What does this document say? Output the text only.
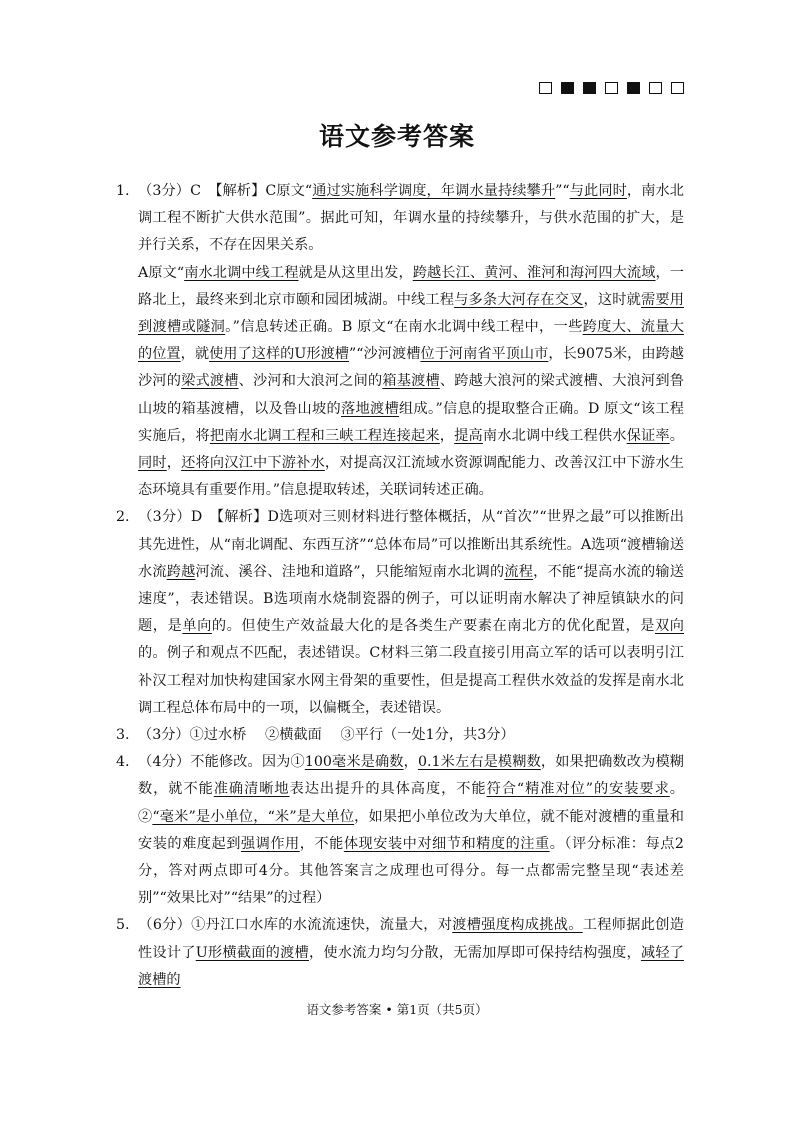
语文参考答案

1. （3分）C　【解析】C原文“通过实施科学调度，年调水量持续攀升”“与此同时，南水北调工程不断扩大供水范围”。据此可知，年调水量的持续攀升，与供水范围的扩大，是并行关系，不存在因果关系。

A原文“南水北调中线工程就是从这里出发，跨越长江、黄河、淮河和海河四大流域，一路北上，最终来到北京市颐和园团城湖。中线工程与多条大河存在交叉，这时就需要用到渡槽或隧洞。”信息转述正确。B 原文“在南水北调中线工程中，一些跨度大、流量大的位置，就使用了这样的U形渡槽”“沙河渡槽位于河南省平顶山市，长9075米，由跨越沙河的梁式渡槽、沙河和大浪河之间的箱基渡槽、跨越大浪河的梁式渡槽、大浪河到鲁山坡的箱基渡槽，以及鲁山坡的落地渡槽组成。”信息的提取整合正确。D 原文“该工程实施后，将把南水北调工程和三峡工程连接起来，提高南水北调中线工程供水保证率。同时，还将向汉江中下游补水，对提高汉江流域水资源调配能力、改善汉江中下游水生态环境具有重要作用。”信息提取转述，关联词转述正确。

2. （3分）D　【解析】D选项对三则材料进行整体概括，从“首次”“世界之最”可以推断出其先进性，从“南北调配、东西互济”“总体布局”可以推断出其系统性。A选项“渡槽输送水流跨越河流、溪谷、洼地和道路”，只能缩短南水北调的流程，不能“提高水流的输送速度”，表述错误。B选项南水烧制瓷器的例子，可以证明南水解决了神垕镇缺水的问题，是单向的。但使生产效益最大化的是各类生产要素在南北方的优化配置，是双向的。例子和观点不匹配，表述错误。C材料三第二段直接引用高立军的话可以表明引江补汉工程对加快构建国家水网主骨架的重要性，但是提高工程供水效益的发挥是南水北调工程总体布局中的一项，以偏概全，表述错误。

3. （3分）①过水桥　 ②横截面　 ③平行（一处1分，共3分）

4. （4分）不能修改。因为①100毫米是确数，0.1米左右是模糊数，如果把确数改为模糊数，就不能准确清晰地表达出提升的具体高度，不能符合“精准对位”的安装要求。②“毫米”是小单位，“米”是大单位，如果把小单位改为大单位，就不能对渡槽的重量和安装的难度起到强调作用，不能体现安装中对细节和精度的注重。（评分标准：每点2分，答对两点即可4分。其他答案言之成理也可得分。每一点都需完整呈现“表述差别”“效果比对”“结果”的过程）

5. （6分）①丹江口水库的水流流速快，流量大，对渡槽强度构成挑战。工程师据此创造性设计了U形横截面的渡槽，使水流力均匀分散，无需加厚即可保持结构强度，减轻了渡槽的

语文参考答案 • 第1页（共5页）
